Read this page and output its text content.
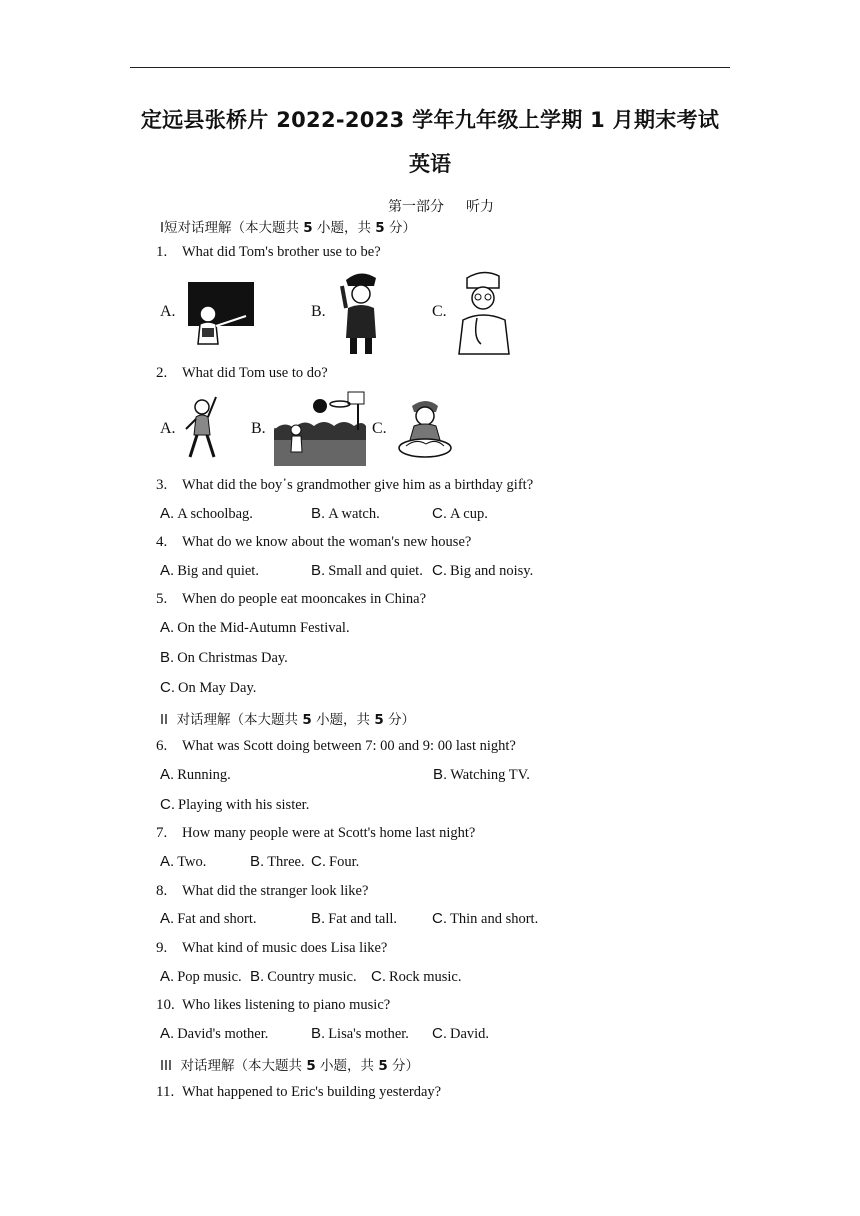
定远县张桥片 2022-2023 学年九年级上学期 1 月期末考试
英语
第一部分 听力
Ⅰ短对话理解（本大题共 5 小题，共 5 分）
1. What did Tom's brother use to be?
A.	B.	C.
2. What did Tom use to do?
A.	B.	C.
3. What did the boy᾽s grandmother give him as a birthday gift?
A. A schoolbag.	B. A watch.	C. A cup.
4. What do we know about the woman's new house?
A. Big and quiet.	B. Small and quiet. C. Big and noisy.
5. When do people eat mooncakes in China?
A. On the Mid-Autumn Festival.
B. On Christmas Day.
C. On May Day.
II 对话理解（本大题共 5 小题，共 5 分）
6. What was Scott doing between 7: 00 and 9: 00 last night?
A. Running.	B. Watching TV.
C. Playing with his sister.
7. How many people were at Scott's home last night?
A. Two.	B. Three. C. Four.
8. What did the stranger look like?
A. Fat and short.	B. Fat and tall. C. Thin and short.
9. What kind of music does Lisa like?
A. Pop music. B. Country music. C. Rock music.
10. Who likes listening to piano music?
A. David's mother.	B. Lisa's mother. C. David.
III 对话理解（本大题共 5 小题，共 5 分）
11. What happened to Eric's building yesterday?
